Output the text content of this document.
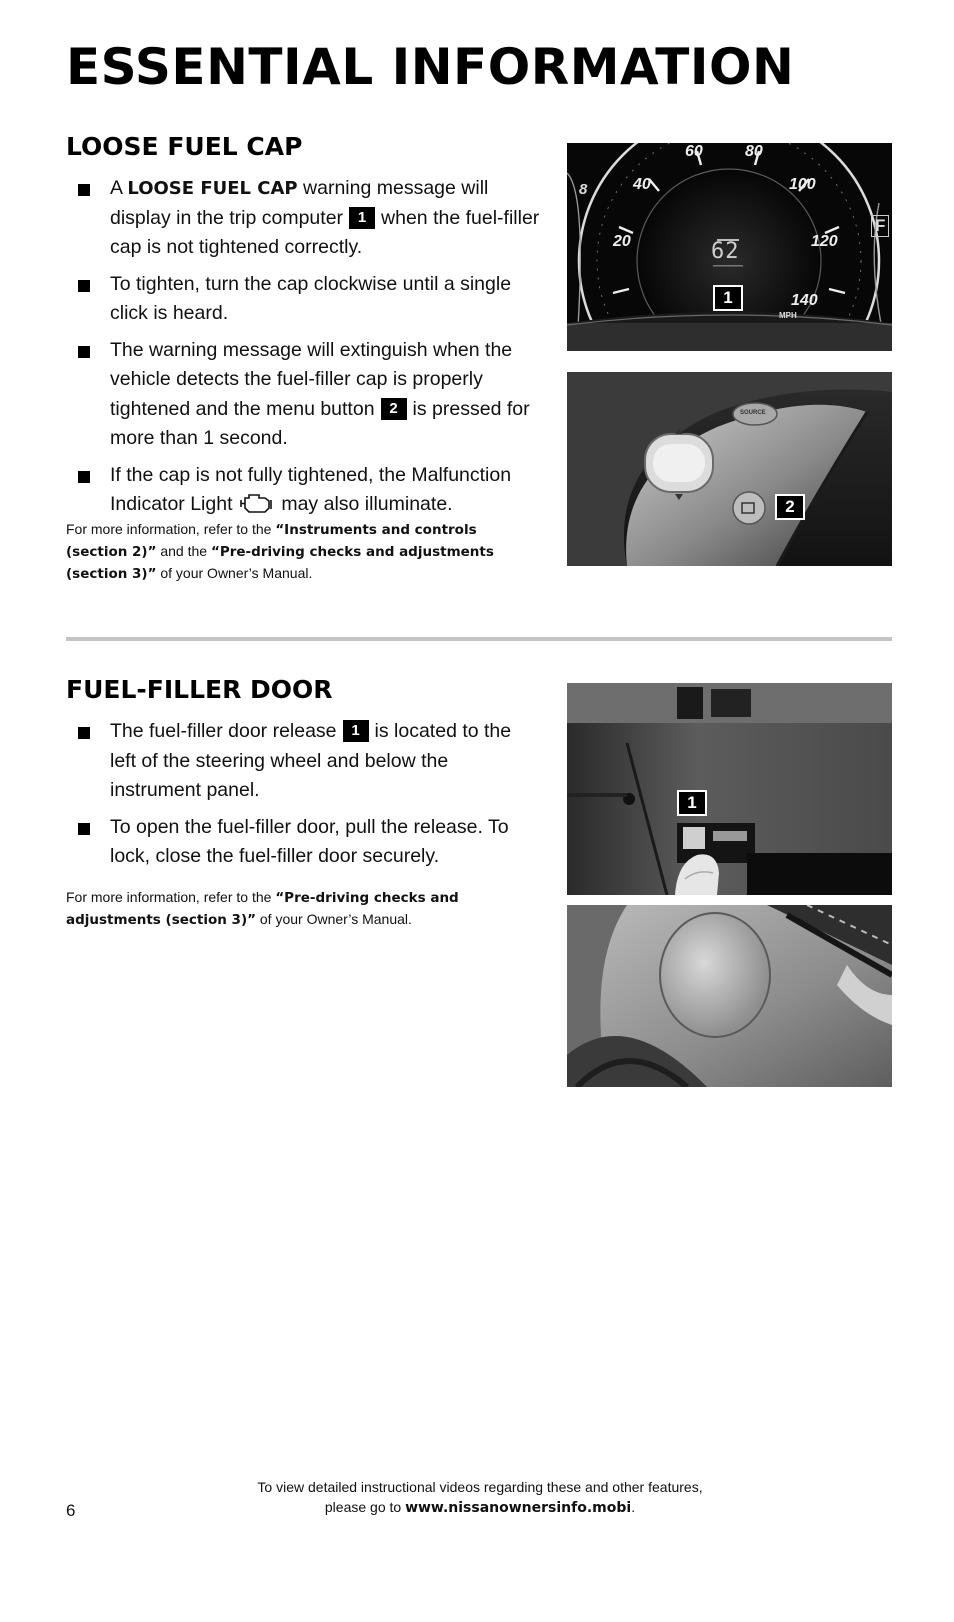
ESSENTIAL INFORMATION
LOOSE FUEL CAP
A LOOSE FUEL CAP warning message will display in the trip computer 1 when the fuel-filler cap is not tightened correctly.
To tighten, turn the cap clockwise until a single click is heard.
The warning message will extinguish when the vehicle detects the fuel-filler cap is properly tightened and the menu button 2 is pressed for more than 1 second.
If the cap is not fully tightened, the Malfunction Indicator Light	may also illuminate.

For more information, refer to the “Instruments and controls (section 2)” and the “Pre-driving checks and adjustments (section 3)” of your Owner’s Manual.

60	80
40	100
20	120
140
MPH
8
F
62
1
SOURCE
2
FUEL-FILLER DOOR
The fuel-filler door release 1 is located to the left of the steering wheel and below the instrument panel.
To open the fuel-filler door, pull the release. To lock, close the fuel-filler door securely.

For more information, refer to the “Pre-driving checks and adjustments (section 3)” of your Owner’s Manual.

1
6
To view detailed instructional videos regarding these and other features,
please go to www.nissanownersinfo.mobi.
